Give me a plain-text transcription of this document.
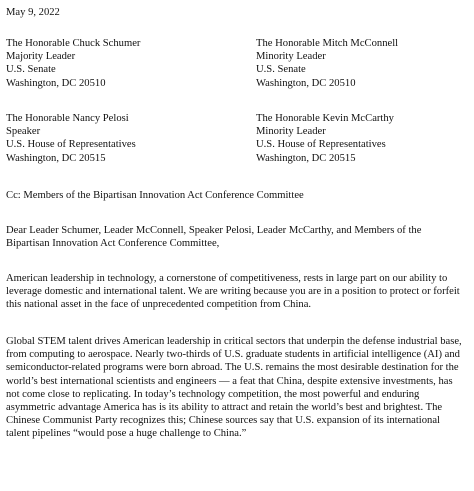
May 9, 2022
The Honorable Chuck Schumer
Majority Leader
U.S. Senate
Washington, DC 20510
The Honorable Mitch McConnell
Minority Leader
U.S. Senate
Washington, DC 20510
The Honorable Nancy Pelosi
Speaker
U.S. House of Representatives
Washington, DC 20515
The Honorable Kevin McCarthy
Minority Leader
U.S. House of Representatives
Washington, DC 20515
Cc: Members of the Bipartisan Innovation Act Conference Committee
Dear Leader Schumer, Leader McConnell, Speaker Pelosi, Leader McCarthy, and Members of the Bipartisan Innovation Act Conference Committee,
American leadership in technology, a cornerstone of competitiveness, rests in large part on our ability to leverage domestic and international talent. We are writing because you are in a position to protect or forfeit this national asset in the face of unprecedented competition from China.
Global STEM talent drives American leadership in critical sectors that underpin the defense industrial base, from computing to aerospace. Nearly two-thirds of U.S. graduate students in artificial intelligence (AI) and semiconductor-related programs were born abroad. The U.S. remains the most desirable destination for the world’s best international scientists and engineers — a feat that China, despite extensive investments, has not come close to replicating. In today’s technology competition, the most powerful and enduring asymmetric advantage America has is its ability to attract and retain the world’s best and brightest. The Chinese Communist Party recognizes this; Chinese sources say that U.S. expansion of its international talent pipelines “would pose a huge challenge to China.”
